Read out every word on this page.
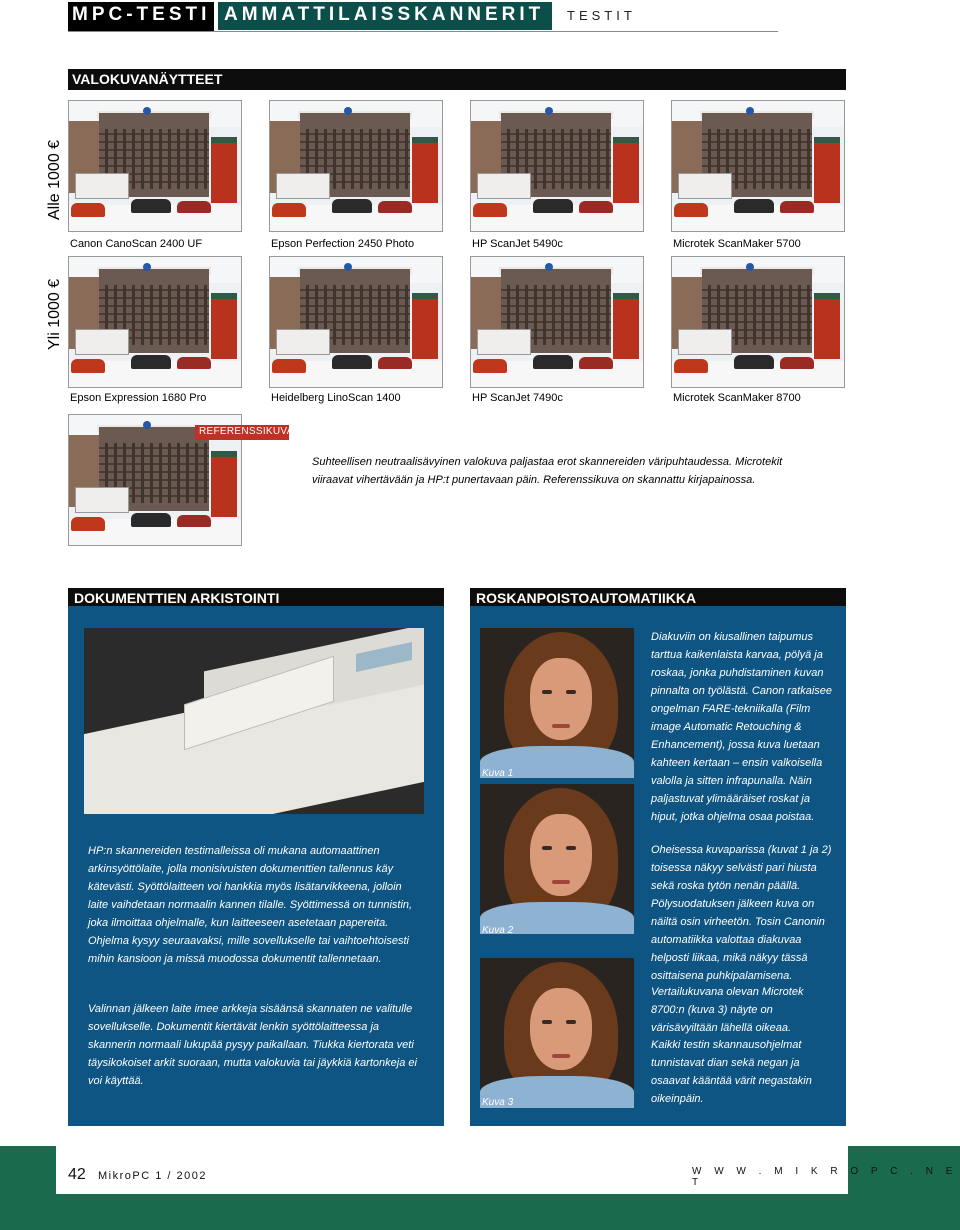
MPC-TESTI AMMATTILAISSKANNERIT TESTIT
VALOKUVANÄYTTEET
Alle 1000 €
Yli 1000 €
Canon CanoScan 2400 UF	Epson Perfection 2450 Photo	HP ScanJet 5490c	Microtek ScanMaker 5700
Epson Expression 1680 Pro	Heidelberg LinoScan 1400	HP ScanJet 7490c	Microtek ScanMaker 8700
REFERENSSIKUVA
Suhteellisen neutraalisävyinen valokuva paljastaa erot skannereiden väripuhtaudessa. Microtekit viiraavat vihertävään ja HP:t punertavaan päin. Referenssikuva on skannattu kirjapainossa.
DOKUMENTTIEN ARKISTOINTI
HP:n skannereiden testimalleissa oli mukana automaattinen arkinsyöttölaite, jolla monisivuisten dokumenttien tallennus käy kätevästi. Syöttölaitteen voi hankkia myös lisätarvikkeena, jolloin laite vaihdetaan normaalin kannen tilalle. Syöttimessä on tunnistin, joka ilmoittaa ohjelmalle, kun laitteeseen asetetaan papereita. Ohjelma kysyy seuraavaksi, mille sovellukselle tai vaihtoehtoisesti mihin kansioon ja missä muodossa dokumentit tallennetaan.
Valinnan jälkeen laite imee arkkeja sisäänsä skannaten ne valitulle sovellukselle. Dokumentit kiertävät lenkin syöttölaitteessa ja skannerin normaali lukupää pysyy paikallaan. Tiukka kiertorata veti täysikokoiset arkit suoraan, mutta valokuvia tai jäykkiä kartonkeja ei voi käyttää.
ROSKANPOISTOAUTOMATIIKKA
Kuva 1
Kuva 2
Kuva 3
Diakuviin on kiusallinen taipumus tarttua kaikenlaista karvaa, pölyä ja roskaa, jonka puhdistaminen kuvan pinnalta on työlästä. Canon ratkaisee ongelman FARE-tekniikalla (Film image Automatic Retouching & Enhancement), jossa kuva luetaan kahteen kertaan – ensin valkoisella valolla ja sitten infrapunalla. Näin paljastuvat ylimääräiset roskat ja hiput, jotka ohjelma osaa poistaa.
Oheisessa kuvaparissa (kuvat 1 ja 2) toisessa näkyy selvästi pari hiusta sekä roska tytön nenän päällä. Pölysuodatuksen jälkeen kuva on näiltä osin virheetön. Tosin Canonin automatiikka valottaa diakuvaa helposti liikaa, mikä näkyy tässä osittaisena puhkipalamisena.
Vertailukuvana olevan Microtek 8700:n (kuva 3) näyte on värisävyiltään lähellä oikeaa.
Kaikki testin skannausohjelmat tunnistavat dian sekä negan ja osaavat kääntää värit negastakin oikeinpäin.
42 MikroPC 1 / 2002	W W W . M I K R O P C . N E T
